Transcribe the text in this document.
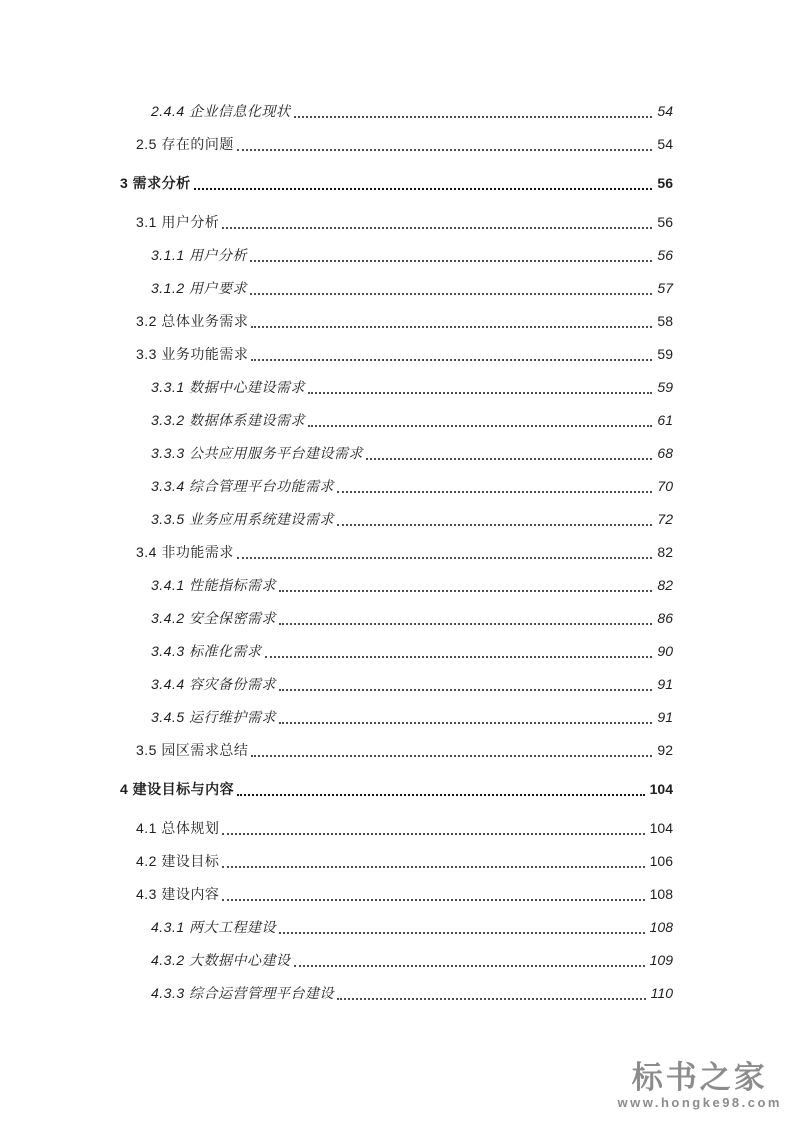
2.4.4 企业信息化现状	54
2.5 存在的问题	54
3 需求分析	56
3.1 用户分析	56
3.1.1 用户分析	56
3.1.2 用户要求	57
3.2 总体业务需求	58
3.3 业务功能需求	59
3.3.1 数据中心建设需求	59
3.3.2 数据体系建设需求	61
3.3.3 公共应用服务平台建设需求	68
3.3.4 综合管理平台功能需求	70
3.3.5 业务应用系统建设需求	72
3.4 非功能需求	82
3.4.1 性能指标需求	82
3.4.2 安全保密需求	86
3.4.3 标准化需求	90
3.4.4 容灾备份需求	91
3.4.5 运行维护需求	91
3.5 园区需求总结	92
4 建设目标与内容	104
4.1 总体规划	104
4.2 建设目标	106
4.3 建设内容	108
4.3.1 两大工程建设	108
4.3.2 大数据中心建设	109
4.3.3 综合运营管理平台建设	110
标书之家
www.hongke98.com
